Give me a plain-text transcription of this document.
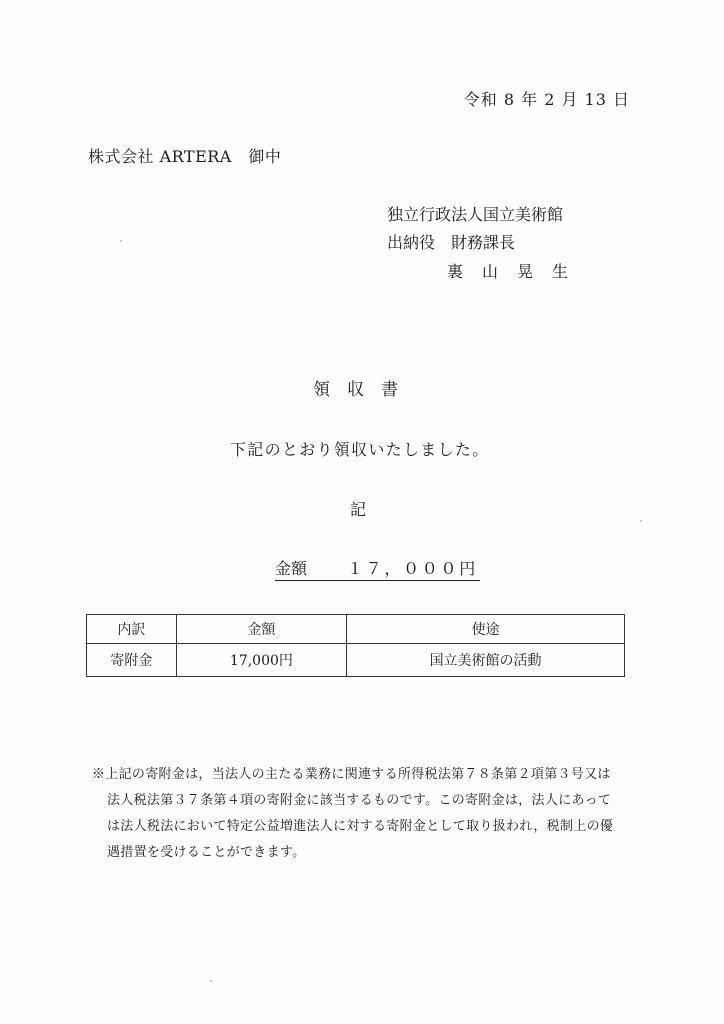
令和 8 年 2 月 13 日
株式会社 ARTERA　御中
独立行政法人国立美術館
出納役　財務課長
裏　山　晃　生
領　収　書
下記のとおり領収いたしました。
記
金額 １７，０００円
内訳	金額	使途
寄附金	17,000円	国立美術館の活動
※上記の寄附金は，当法人の主たる業務に関連する所得税法第７８条第２項第３号又は
法人税法第３７条第４項の寄附金に該当するものです。この寄附金は，法人にあって
は法人税法において特定公益増進法人に対する寄附金として取り扱われ，税制上の優
遇措置を受けることができます。
